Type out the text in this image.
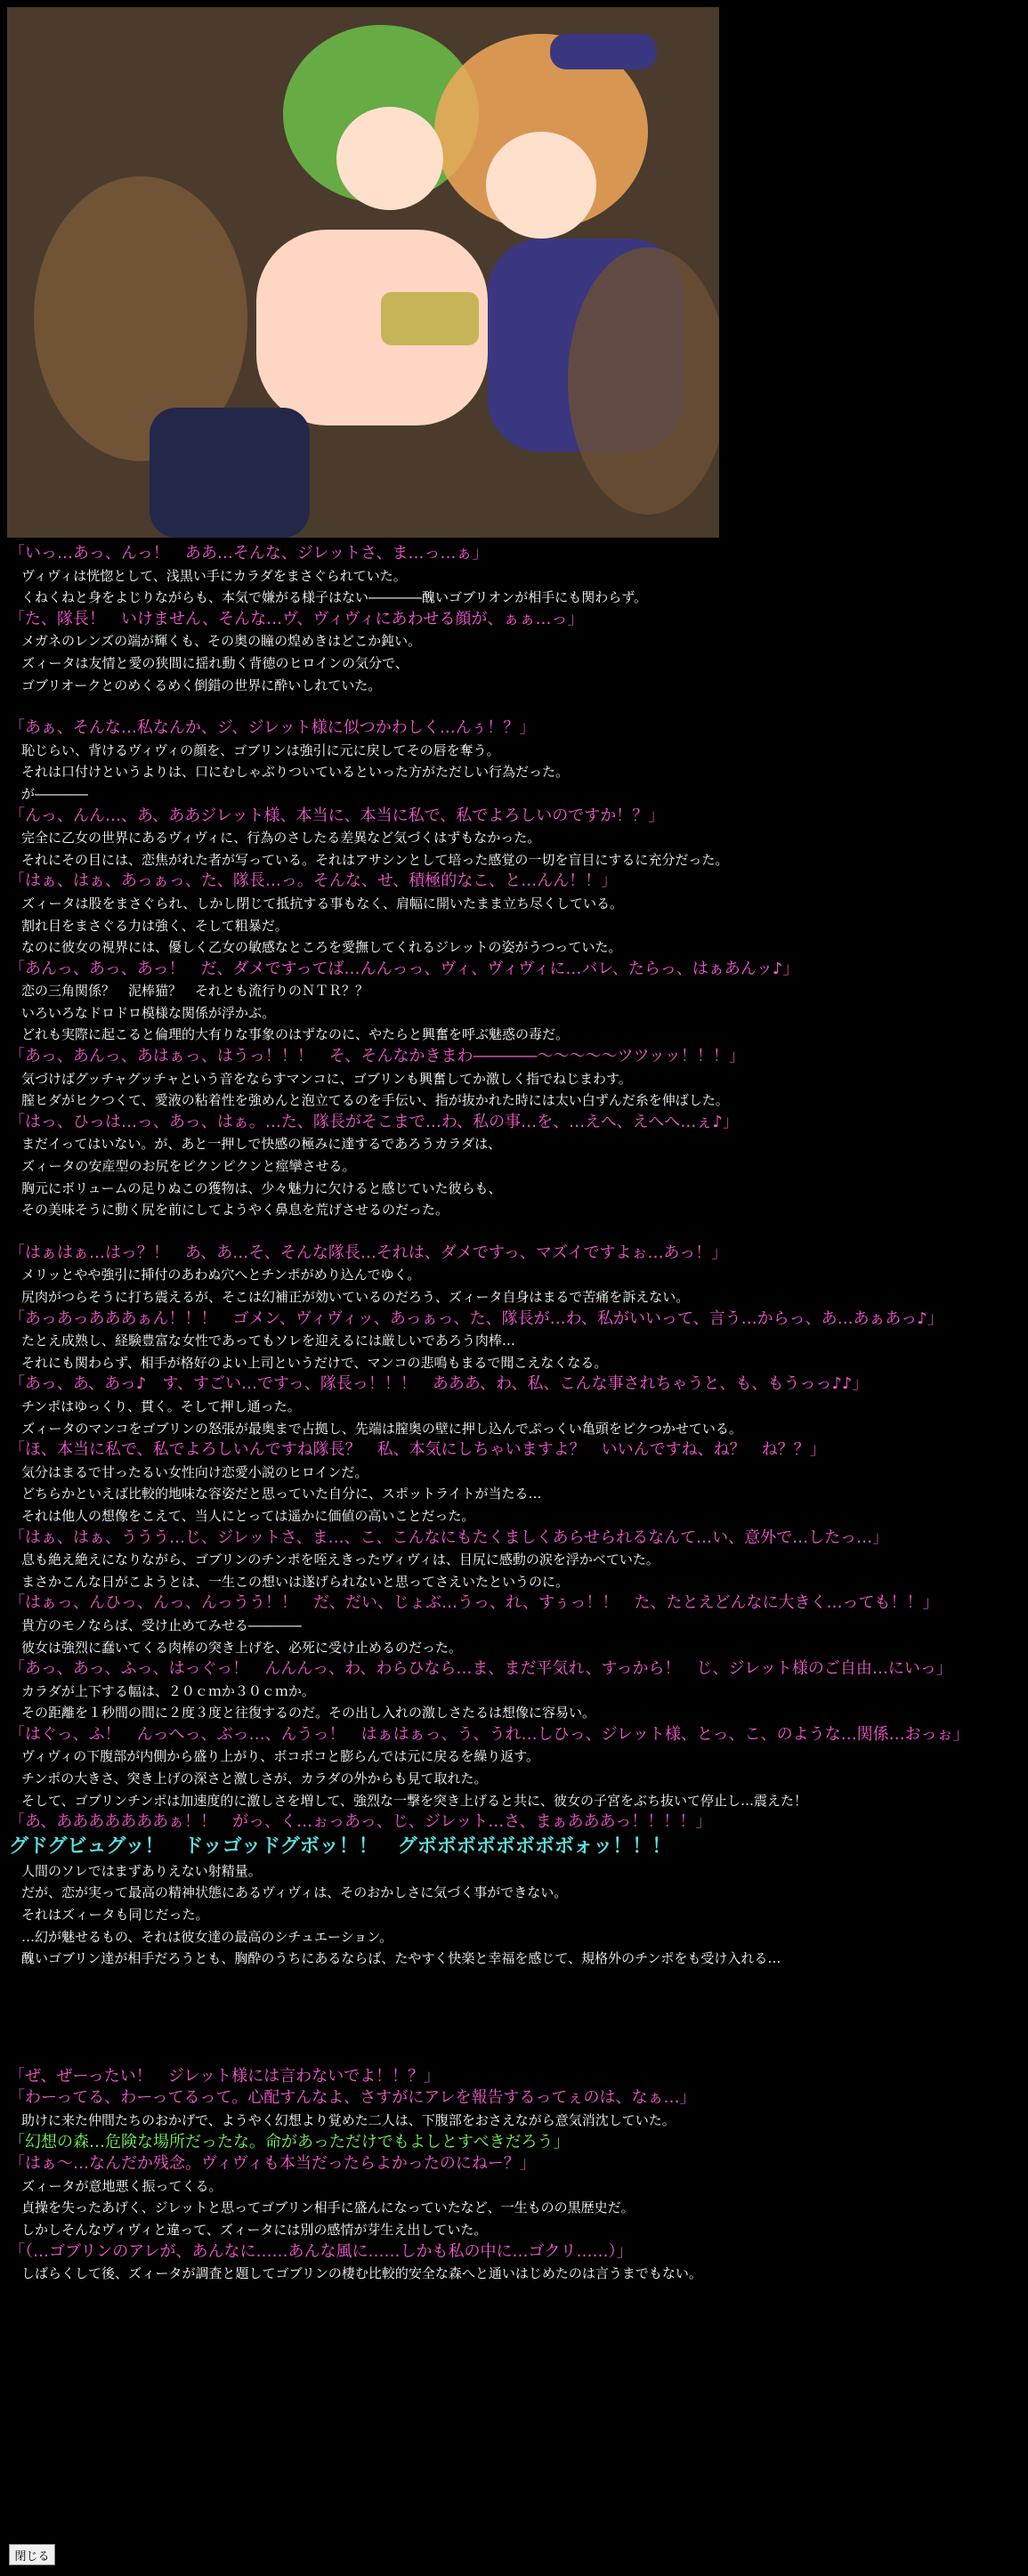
「いっ…あっ、んっ！　ああ…そんな、ジレットさ、ま…っ…ぁ」
ヴィヴィは恍惚として、浅黒い手にカラダをまさぐられていた。
くねくねと身をよじりながらも、本気で嫌がる様子はない――――醜いゴブリオンが相手にも関わらず。
「た、隊長！　いけません、そんな…ヴ、ヴィヴィにあわせる顔が、ぁぁ…っ」
メガネのレンズの端が輝くも、その奥の瞳の煌めきはどこか鈍い。
ズィータは友情と愛の狭間に揺れ動く背徳のヒロインの気分で、
ゴブリオークとのめくるめく倒錯の世界に酔いしれていた。
「あぁ、そんな…私なんか、ジ、ジレット様に似つかわしく…んぅ！？」
恥じらい、背けるヴィヴィの顔を、ゴブリンは強引に元に戻してその唇を奪う。
それは口付けというよりは、口にむしゃぶりついているといった方がただしい行為だった。
が――――
「んっ、んん…、あ、ああジレット様、本当に、本当に私で、私でよろしいのですか！？」
完全に乙女の世界にあるヴィヴィに、行為のさしたる差異など気づくはずもなかった。
それにその目には、恋焦がれた者が写っている。それはアサシンとして培った感覚の一切を盲目にするに充分だった。
「はぁ、はぁ、あっぁっ、た、隊長…っ。そんな、せ、積極的なこ、と…んん！！」
ズィータは股をまさぐられ、しかし閉じて抵抗する事もなく、肩幅に開いたまま立ち尽くしている。
割れ目をまさぐる力は強く、そして粗暴だ。
なのに彼女の視界には、優しく乙女の敏感なところを愛撫してくれるジレットの姿がうつっていた。
「あんっ、あっ、あっ！　だ、ダメですってば…んんっっ、ヴィ、ヴィヴィに…バレ、たらっ、はぁあんッ♪」
恋の三角関係？　泥棒猫？　それとも流行りのＮＴＲ？？
いろいろなドロドロ模様な関係が浮かぶ。
どれも実際に起こると倫理的大有りな事象のはずなのに、やたらと興奮を呼ぶ魅惑の毒だ。
「あっ、あんっ、あはぁっ、はうっ！！！　そ、そんなかきまわ――――～～～～～ツツッッ！！！」
気づけばグッチャグッチャという音をならすマンコに、ゴブリンも興奮してか激しく指でねじまわす。
膣ヒダがヒクつくて、愛液の粘着性を強めんと泡立てるのを手伝い、指が抜かれた時には太い白ずんだ糸を伸ばした。
「はっ、ひっは…っ、あっ、はぁ。…た、隊長がそこまで…わ、私の事…を、…えへ、えへへ…ぇ♪」
まだイってはいない。が、あと一押しで快感の極みに達するであろうカラダは、
ズィータの安産型のお尻をピクンピクンと痙攣させる。
胸元にボリュームの足りぬこの獲物は、少々魅力に欠けると感じていた彼らも、
その美味そうに動く尻を前にしてようやく鼻息を荒げさせるのだった。
「はぁはぁ…はっ？！　あ、あ…そ、そんな隊長…それは、ダメですっ、マズイですよぉ…あっ！」
メリッとやや強引に挿付のあわぬ穴へとチンポがめり込んでゆく。
尻肉がつらそうに打ち震えるが、そこは幻補正が効いているのだろう、ズィータ自身はまるで苦痛を訴えない。
「あっあっあああぁん！！！　ゴメン、ヴィヴィッ、あっぁっ、た、隊長が…わ、私がいいって、言う…からっ、あ…あぁあっ♪」
たとえ成熟し、経験豊富な女性であってもソレを迎えるには厳しいであろう肉棒…
それにも関わらず、相手が格好のよい上司というだけで、マンコの悲鳴もまるで聞こえなくなる。
「あっ、あ、あっ♪　す、すごい…ですっ、隊長っ！！！　あああ、わ、私、こんな事されちゃうと、も、もうっっ♪♪」
チンポはゆっくり、貫く。そして押し通った。
ズィータのマンコをゴブリンの怒張が最奥まで占拠し、先端は膣奥の壁に押し込んでぷっくい亀頭をピクつかせている。
「ほ、本当に私で、私でよろしいんですね隊長？　私、本気にしちゃいますよ？　いいんですね、ね？　ね？？」
気分はまるで甘ったるい女性向け恋愛小説のヒロインだ。
どちらかといえば比較的地味な容姿だと思っていた自分に、スポットライトが当たる…
それは他人の想像をこえて、当人にとっては遥かに価値の高いことだった。
「はぁ、はぁ、ううう…じ、ジレットさ、ま…、こ、こんなにもたくましくあらせられるなんて…い、意外で…したっ…」
息も絶え絶えになりながら、ゴブリンのチンポを咥えきったヴィヴィは、目尻に感動の涙を浮かべていた。
まさかこんな日がこようとは、一生この想いは遂げられないと思ってさえいたというのに。
「はぁっ、んひっ、んっ、んっうう！！　だ、だい、じょぶ…うっ、れ、すぅっ！！　た、たとえどんなに大きく…っても！！」
貴方のモノならば、受け止めてみせる――――
彼女は強烈に蠢いてくる肉棒の突き上げを、必死に受け止めるのだった。
「あっ、あっ、ふっ、はっぐっ！　んんんっ、わ、わらひなら…ま、まだ平気れ、すっから！　じ、ジレット様のご自由…にいっ」
カラダが上下する幅は、２０ｃｍか３０ｃｍか。
その距離を１秒間の間に２度３度と往復するのだ。その出し入れの激しさたるは想像に容易い。
「はぐっ、ふ！　んっへっ、ぶっ…、んうっ！　はぁはぁっ、う、うれ…しひっ、ジレット様、とっ、こ、のような…関係…おっぉ」
ヴィヴィの下腹部が内側から盛り上がり、ボコボコと膨らんでは元に戻るを繰り返す。
チンポの大きさ、突き上げの深さと激しさが、カラダの外からも見て取れた。
そして、ゴブリンチンポは加速度的に激しさを増して、強烈な一撃を突き上げると共に、彼女の子宮をぶち抜いて停止し…震えた！
「あ、あああああああぁ！！　がっ、く…ぉっあっ、じ、ジレット…さ、まぁあああっ！！！！」
グドグビュグッ！　ドッゴッドグボッ！！　グボボボボボボボボォッ！！！
人間のソレではまずありえない射精量。
だが、恋が実って最高の精神状態にあるヴィヴィは、そのおかしさに気づく事ができない。
それはズィータも同じだった。
…幻が魅せるもの、それは彼女達の最高のシチュエーション。
醜いゴブリン達が相手だろうとも、胸酔のうちにあるならば、たやすく快楽と幸福を感じて、規格外のチンポをも受け入れる…
「ぜ、ぜーったい！　ジレット様には言わないでよ！！？」
「わーってる、わーってるって。心配すんなよ、さすがにアレを報告するってぇのは、なぁ…」
助けに来た仲間たちのおかげで、ようやく幻想より覚めた二人は、下腹部をおさえながら意気消沈していた。
「幻想の森…危険な場所だったな。命があっただけでもよしとすべきだろう」
「はぁ～…なんだか残念。ヴィヴィも本当だったらよかったのにねー？」
ズィータが意地悪く振ってくる。
貞操を失ったあげく、ジレットと思ってゴブリン相手に盛んになっていたなど、一生ものの黒歴史だ。
しかしそんなヴィヴィと違って、ズィータには別の感情が芽生え出していた。
「（…ゴブリンのアレが、あんなに……あんな風に……しかも私の中に…ゴクリ……）」
しばらくして後、ズィータが調査と題してゴブリンの棲む比較的安全な森へと通いはじめたのは言うまでもない。
閉じる
